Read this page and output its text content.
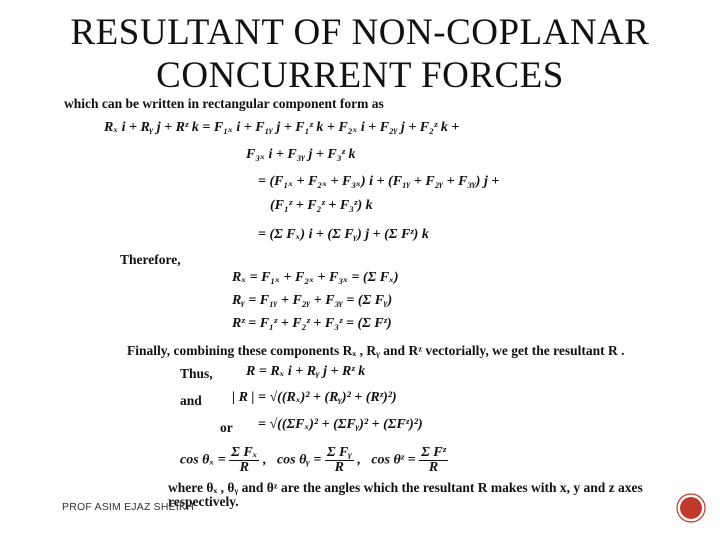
RESULTANT OF NON-COPLANAR
CONCURRENT FORCES
which can be written in rectangular component form as
Rₓ i + Rᵧ j + Rᶻ k = F₁ₓ i + F₁ᵧ j + F₁ᶻ k + F₂ₓ i + F₂ᵧ j + F₂ᶻ k +
F₃ₓ i + F₃ᵧ j + F₃ᶻ k
= (F₁ₓ + F₂ₓ + F₃ₓ) i + (F₁ᵧ + F₂ᵧ + F₃ᵧ) j +
(F₁ᶻ + F₂ᶻ + F₃ᶻ) k
= (Σ Fₓ) i + (Σ Fᵧ) j + (Σ Fᶻ) k
Therefore,
Rₓ = F₁ₓ + F₂ₓ + F₃ₓ = (Σ Fₓ)
Rᵧ = F₁ᵧ + F₂ᵧ + F₃ᵧ = (Σ Fᵧ)
Rᶻ = F₁ᶻ + F₂ᶻ + F₃ᶻ = (Σ Fᶻ)
Finally, combining these components Rₓ , Rᵧ and Rᶻ vectorially, we get the resultant R .
Thus, R = Rₓ i + Rᵧ j + Rᶻ k
and | R | = √((Rₓ)² + (Rᵧ)² + (Rᶻ)²)
or = √((ΣFₓ)² + (ΣFᵧ)² + (ΣFᶻ)²)
$\cos \theta_x = \frac{\text{Σ Fₓ}}{R}$ ,   cos θᵧ = $\frac{\text{Σ Fᵧ}}{R}$ ,   cos θᶻ = $\frac{\text{Σ Fᶻ}}{R}$
where θₓ , θᵧ and θᶻ are the angles which the resultant R makes with x, y and z axes
respectively.
PROF ASIM EJAZ SHEIKH
